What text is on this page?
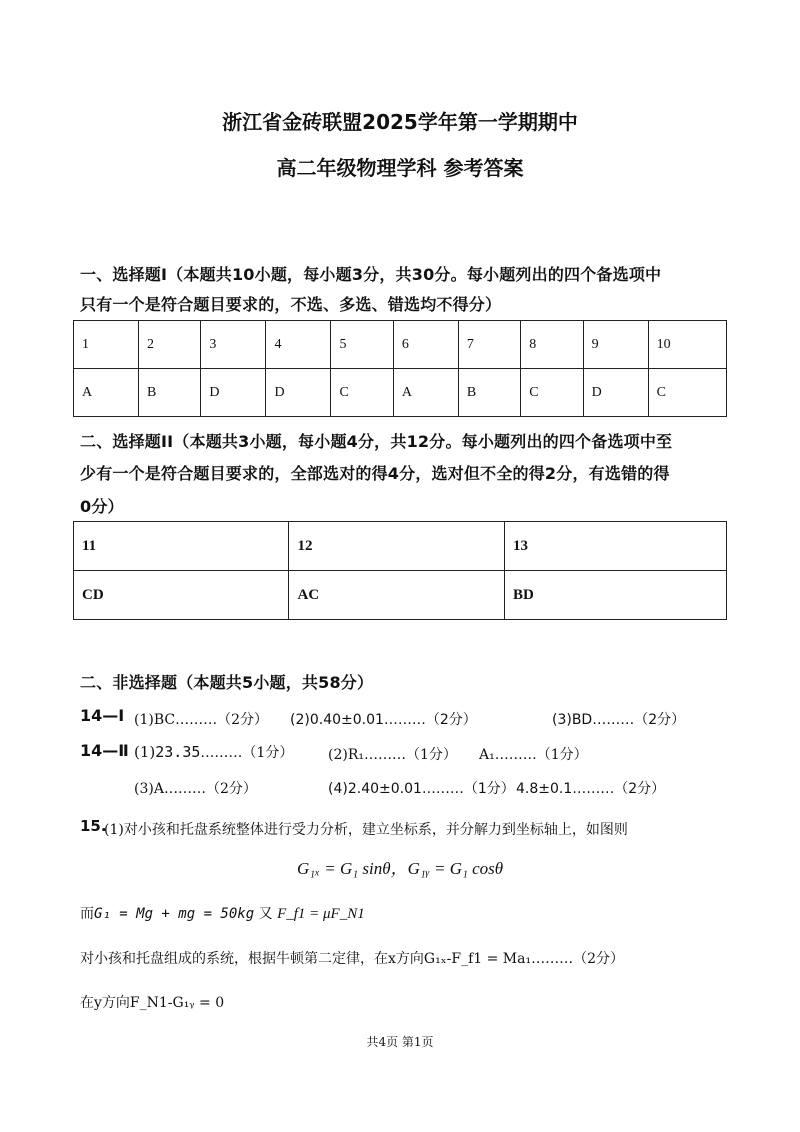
浙江省金砖联盟2025学年第一学期期中
高二年级物理学科 参考答案
一、选择题Ⅰ（本题共10小题，每小题3分，共30分。每小题列出的四个备选项中
只有一个是符合题目要求的，不选、多选、错选均不得分）
1	2	3	4	5	6	7	8	9	10
A	B	D	D	C	A	B	C	D	C
二、选择题II（本题共3小题，每小题4分，共12分。每小题列出的四个备选项中至
少有一个是符合题目要求的，全部选对的得4分，选对但不全的得2分，有选错的得
0分）
11	12	13
CD	AC	BD
二、非选择题（本题共5小题，共58分）
14—Ⅰ (1)BC………（2分） (2)0.40±0.01………（2分）	(3)BD………（2分）
14—Ⅱ (1)23.35………（1分） (2)R₁………（1分） A₁………（1分）
(3)A………（2分）	(4)2.40±0.01………（1分） 4.8±0.1………（2分）
15.
(1)对小孩和托盘系统整体进行受力分析，建立坐标系，并分解力到坐标轴上，如图则
G₁ₓ = G₁ sinθ，G₁ᵧ = G₁ cosθ
而G₁ = Mg + mg = 50kg 又 F_f1 = μF_N1
对小孩和托盘组成的系统，根据牛顿第二定律，在x方向G₁ₓ-F_f1 = Ma₁………（2分）
在y方向F_N1-G₁ᵧ = 0
共4页 第1页
